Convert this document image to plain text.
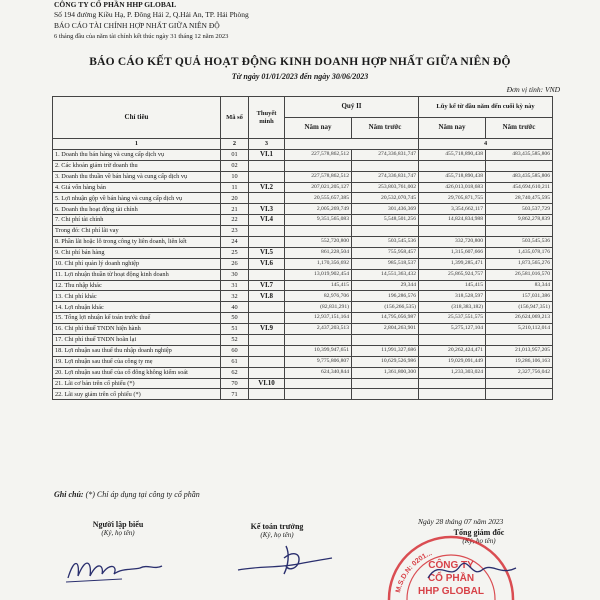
CÔNG TY CỔ PHẦN HHP GLOBAL
Số 194 đường Kiều Hạ, P. Đông Hải 2, Q.Hải An, TP. Hải Phòng
BÁO CÁO TÀI CHÍNH HỢP NHẤT GIỮA NIÊN ĐỘ
6 tháng đầu của năm tài chính kết thúc ngày 31 tháng 12 năm 2023
BÁO CÁO KẾT QUẢ HOẠT ĐỘNG KINH DOANH HỢP NHẤT GIỮA NIÊN ĐỘ
Từ ngày 01/01/2023 đến ngày 30/06/2023
Đơn vị tính: VND
Chỉ tiêu	Mã số	Thuyết minh	Quý II		Lũy kế từ đầu năm đến cuối kỳ này	
			Năm nay	Năm trước	Năm nay	Năm trước
1	2	3			4	
1. Doanh thu bán hàng và cung cấp dịch vụ	01	VI.1	227,578,862,512	274,336,831,747	455,718,890,438	483,435,585,806
2. Các khoản giảm trừ doanh thu	02					
3. Doanh thu thuần về bán hàng và cung cấp dịch vụ	10		227,578,862,512	274,336,831,747	455,718,890,438	483,435,585,806
4. Giá vốn hàng bán	11	VI.2	207,021,205,127	253,803,761,002	426,013,018,683	454,694,610,211
5. Lợi nhuận gộp về bán hàng và cung cấp dịch vụ	20		20,555,657,385	20,532,070,745	29,705,871,755	28,740,475,595
6. Doanh thu hoạt động tài chính	21	VI.3	2,005,269,749	301,436,369	3,354,662,117	503,537,729
7. Chi phí tài chính	22	VI.4	9,351,565,083	5,548,501,256	14,824,834,988	9,862,278,839
Trong đó: Chi phí lãi vay	23					
8. Phần lãi hoặc lỗ trong công ty liên doanh, liên kết	24		552,720,800	503,545,536	332,720,800	503,545,536
9. Chi phí bán hàng	25	VI.5	861,228,504	755,958,457	1,315,607,666	1,435,078,176
10. Chi phí quản lý doanh nghiệp	26	VI.6	1,170,356,692	985,518,537	1,399,285,471	1,873,565,276
11. Lợi nhuận thuần từ hoạt động kinh doanh	30		13,019,902,454	14,551,363,432	25,865,924,757	26,581,016,570
12. Thu nhập khác	31	VI.7	145,415	29,344	145,415	83,344
13. Chi phí khác	32	VI.8	82,976,706	196,286,576	318,528,597	157,031,386
14. Lợi nhuận khác	40		(82,831,291)	(156,266,535)	(318,383,182)	(156,947,351)
15. Tổng lợi nhuận kế toán trước thuế	50		12,937,151,164	14,795,056,987	25,537,551,575	26,624,069,213
16. Chi phí thuế TNDN hiện hành	51	VI.9	2,437,203,513	2,804,263,901	5,275,127,104	5,210,112,014
17. Chi phí thuế TNDN hoãn lại	52					
18. Lợi nhuận sau thuế thu nhập doanh nghiệp	60		10,399,947,651	11,991,327,686	20,262,424,471	21,013,957,205
19. Lợi nhuận sau thuế của công ty mẹ	61		9,775,806,807	10,629,526,986	19,029,091,449	19,286,106,163
20. Lợi nhuận sau thuế của cổ đông không kiểm soát	62		624,340,844	1,361,800,300	1,233,303,024	2,327,756,042
21. Lãi cơ bản trên cổ phiếu (*)	70	VI.10				
22. Lãi suy giảm trên cổ phiếu (*)	71					
Ghi chú: (*) Chỉ áp dụng tại công ty cổ phần
Người lập biểu
(Ký, họ tên)
Kế toán trưởng
(Ký, họ tên)
Ngày 28 tháng 07 năm 2023
Tổng giám đốc
(Ký, họ tên)
M.S.D.N: 0201...
CÔNG TY
CỔ PHẦN
HHP GLOBAL
